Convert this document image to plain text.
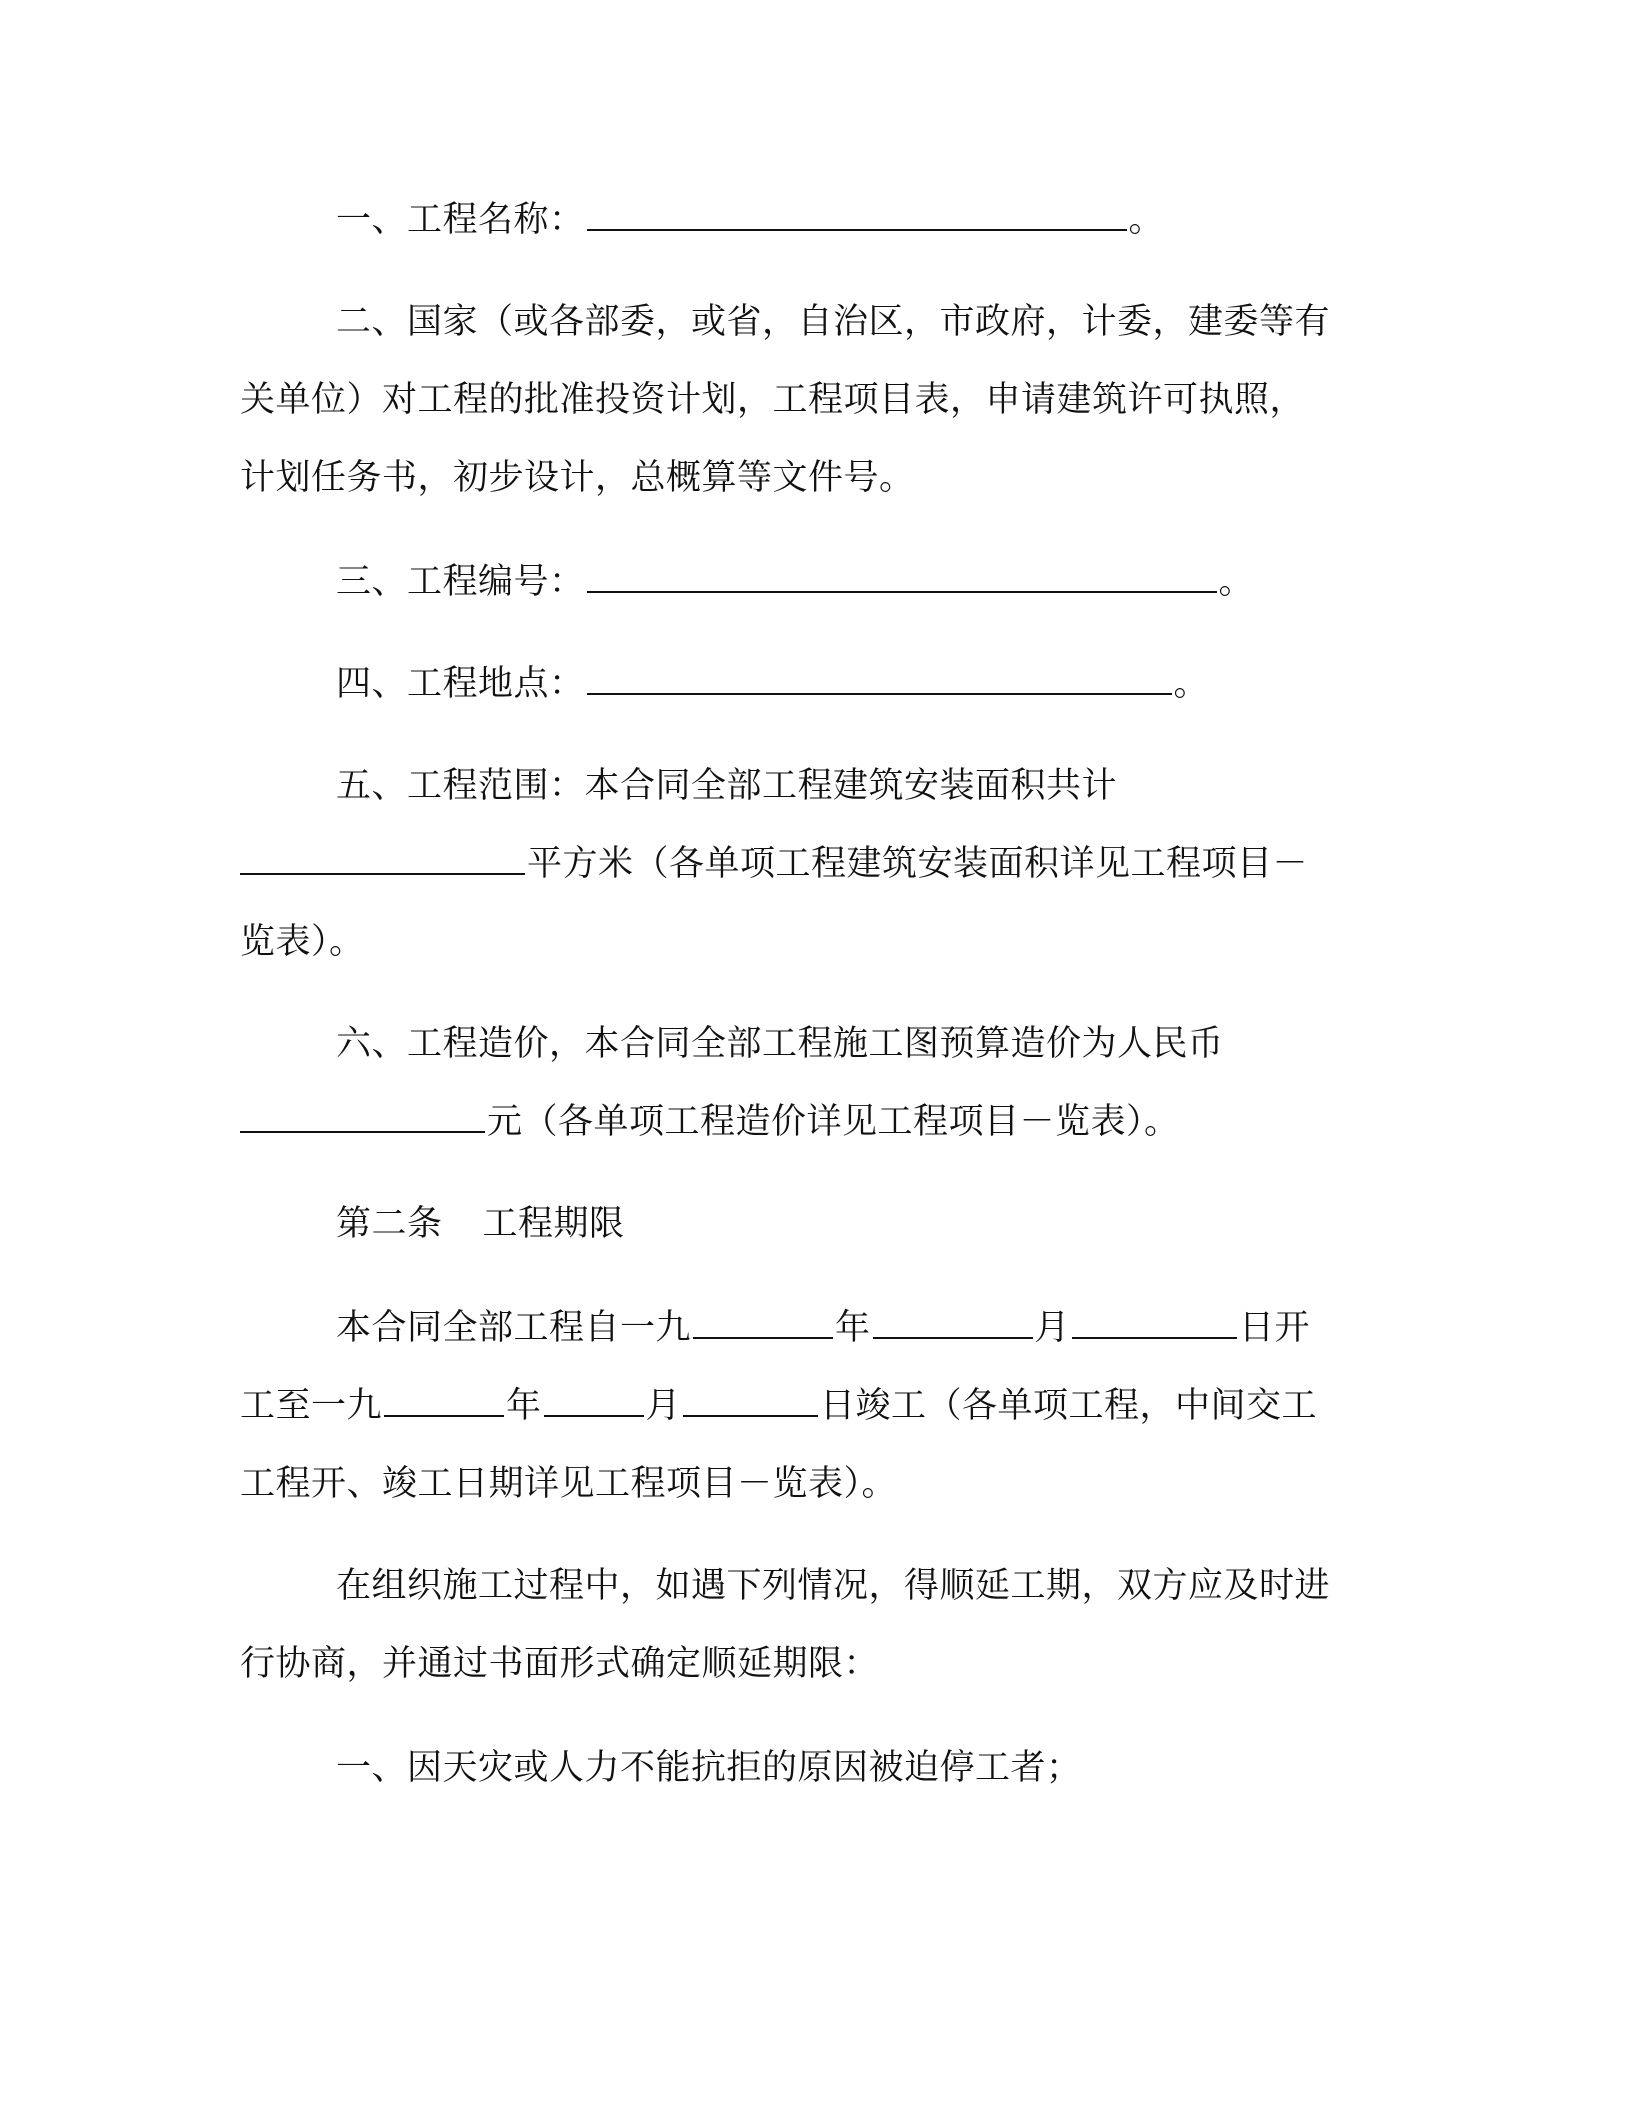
一、工程名称：	。
二、国家（或各部委，或省，自治区，市政府，计委，建委等有
关单位）对工程的批准投资计划，工程项目表，申请建筑许可执照，
计划任务书，初步设计，总概算等文件号。
三、工程编号：	。
四、工程地点：	。
五、工程范围：本合同全部工程建筑安装面积共计
平方米（各单项工程建筑安装面积详见工程项目－
览表）。
六、工程造价，本合同全部工程施工图预算造价为人民币
元（各单项工程造价详见工程项目－览表）。
第二条 工程期限
本合同全部工程自一九	年	月	日开
工至一九	年	月	日竣工（各单项工程，中间交工
工程开、竣工日期详见工程项目－览表）。
在组织施工过程中，如遇下列情况，得顺延工期，双方应及时进
行协商，并通过书面形式确定顺延期限：
一、因天灾或人力不能抗拒的原因被迫停工者；
